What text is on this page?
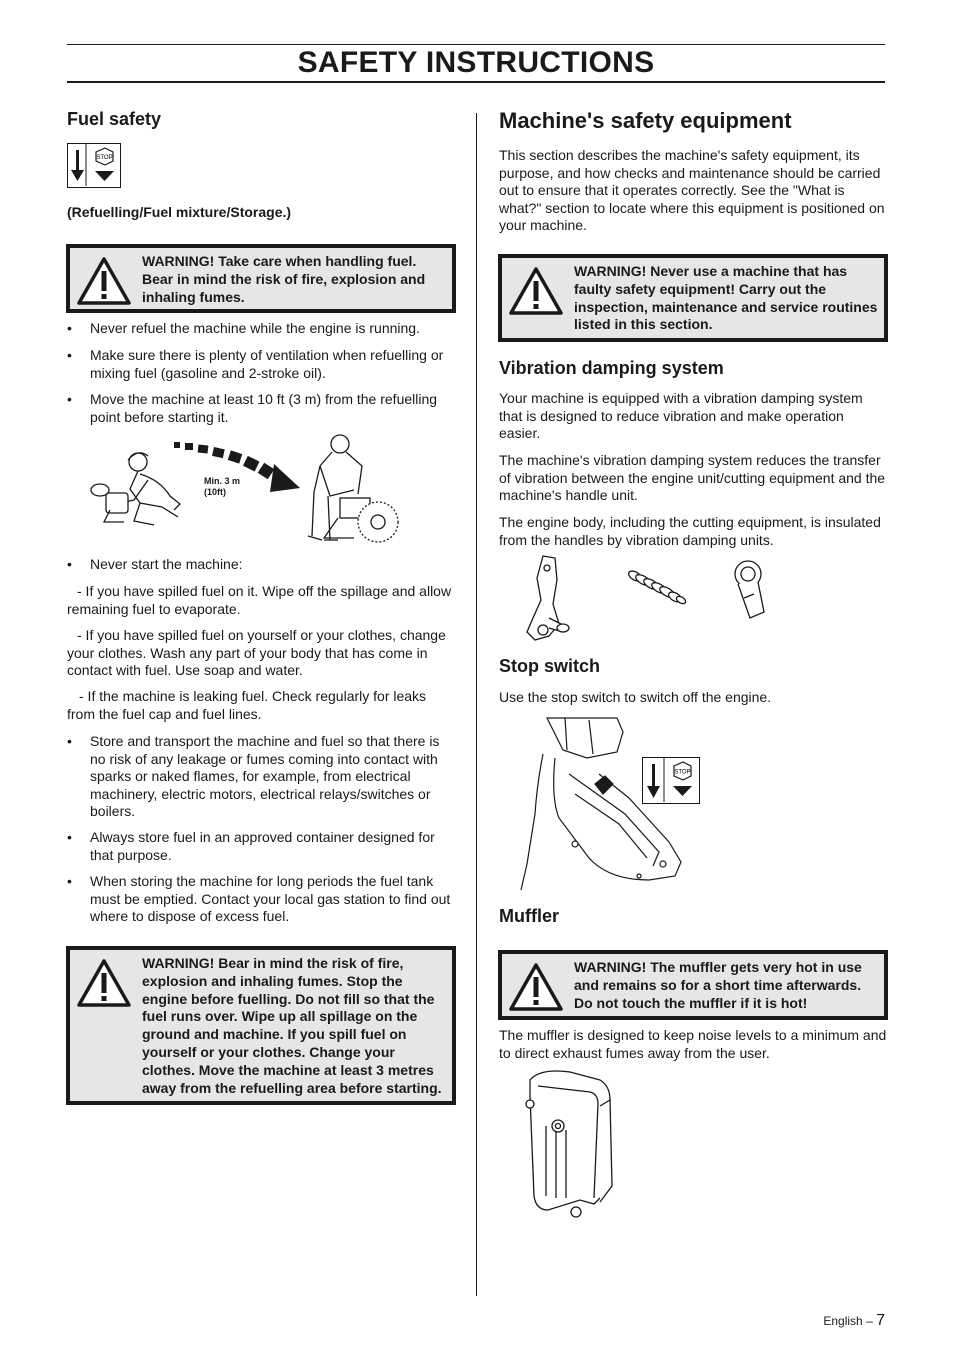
SAFETY INSTRUCTIONS
Fuel safety
STOP
(Refuelling/Fuel mixture/Storage.)
WARNING! Take care when handling fuel. Bear in mind the risk of fire, explosion and inhaling fumes.
• Never refuel the machine while the engine is running.
• Make sure there is plenty of ventilation when refuelling or mixing fuel (gasoline and 2-stroke oil).
• Move the machine at least 10 ft (3 m) from the refuelling point before starting it.
Min. 3 m
(10ft)
• Never start the machine:

- If you have spilled fuel on it. Wipe off the spillage and allow remaining fuel to evaporate.

- If you have spilled fuel on yourself or your clothes, change your clothes. Wash any part of your body that has come in contact with fuel. Use soap and water.

- If the machine is leaking fuel. Check regularly for leaks from the fuel cap and fuel lines.

• Store and transport the machine and fuel so that there is no risk of any leakage or fumes coming into contact with sparks or naked flames, for example, from electrical machinery, electric motors, electrical relays/switches or boilers.
• Always store fuel in an approved container designed for that purpose.
• When storing the machine for long periods the fuel tank must be emptied. Contact your local gas station to find out where to dispose of excess fuel.
WARNING! Bear in mind the risk of fire, explosion and inhaling fumes. Stop the engine before fuelling. Do not fill so that the fuel runs over. Wipe up all spillage on the ground and machine. If you spill fuel on yourself or your clothes. Change your clothes. Move the machine at least 3 metres away from the refuelling area before starting.
Machine's safety equipment

This section describes the machine's safety equipment, its purpose, and how checks and maintenance should be carried out to ensure that it operates correctly. See the "What is what?" section to locate where this equipment is positioned on your machine.

WARNING! Never use a machine that has faulty safety equipment! Carry out the inspection, maintenance and service routines listed in this section.
Vibration damping system

Your machine is equipped with a vibration damping system that is designed to reduce vibration and make operation easier.

The machine's vibration damping system reduces the transfer of vibration between the engine unit/cutting equipment and the machine's handle unit.

The engine body, including the cutting equipment, is insulated from the handles by vibration damping units.

Stop switch

Use the stop switch to switch off the engine.

STOP
Muffler
WARNING! The muffler gets very hot in use and remains so for a short time afterwards. Do not touch the muffler if it is hot!

The muffler is designed to keep noise levels to a minimum and to direct exhaust fumes away from the user.

English – 7
